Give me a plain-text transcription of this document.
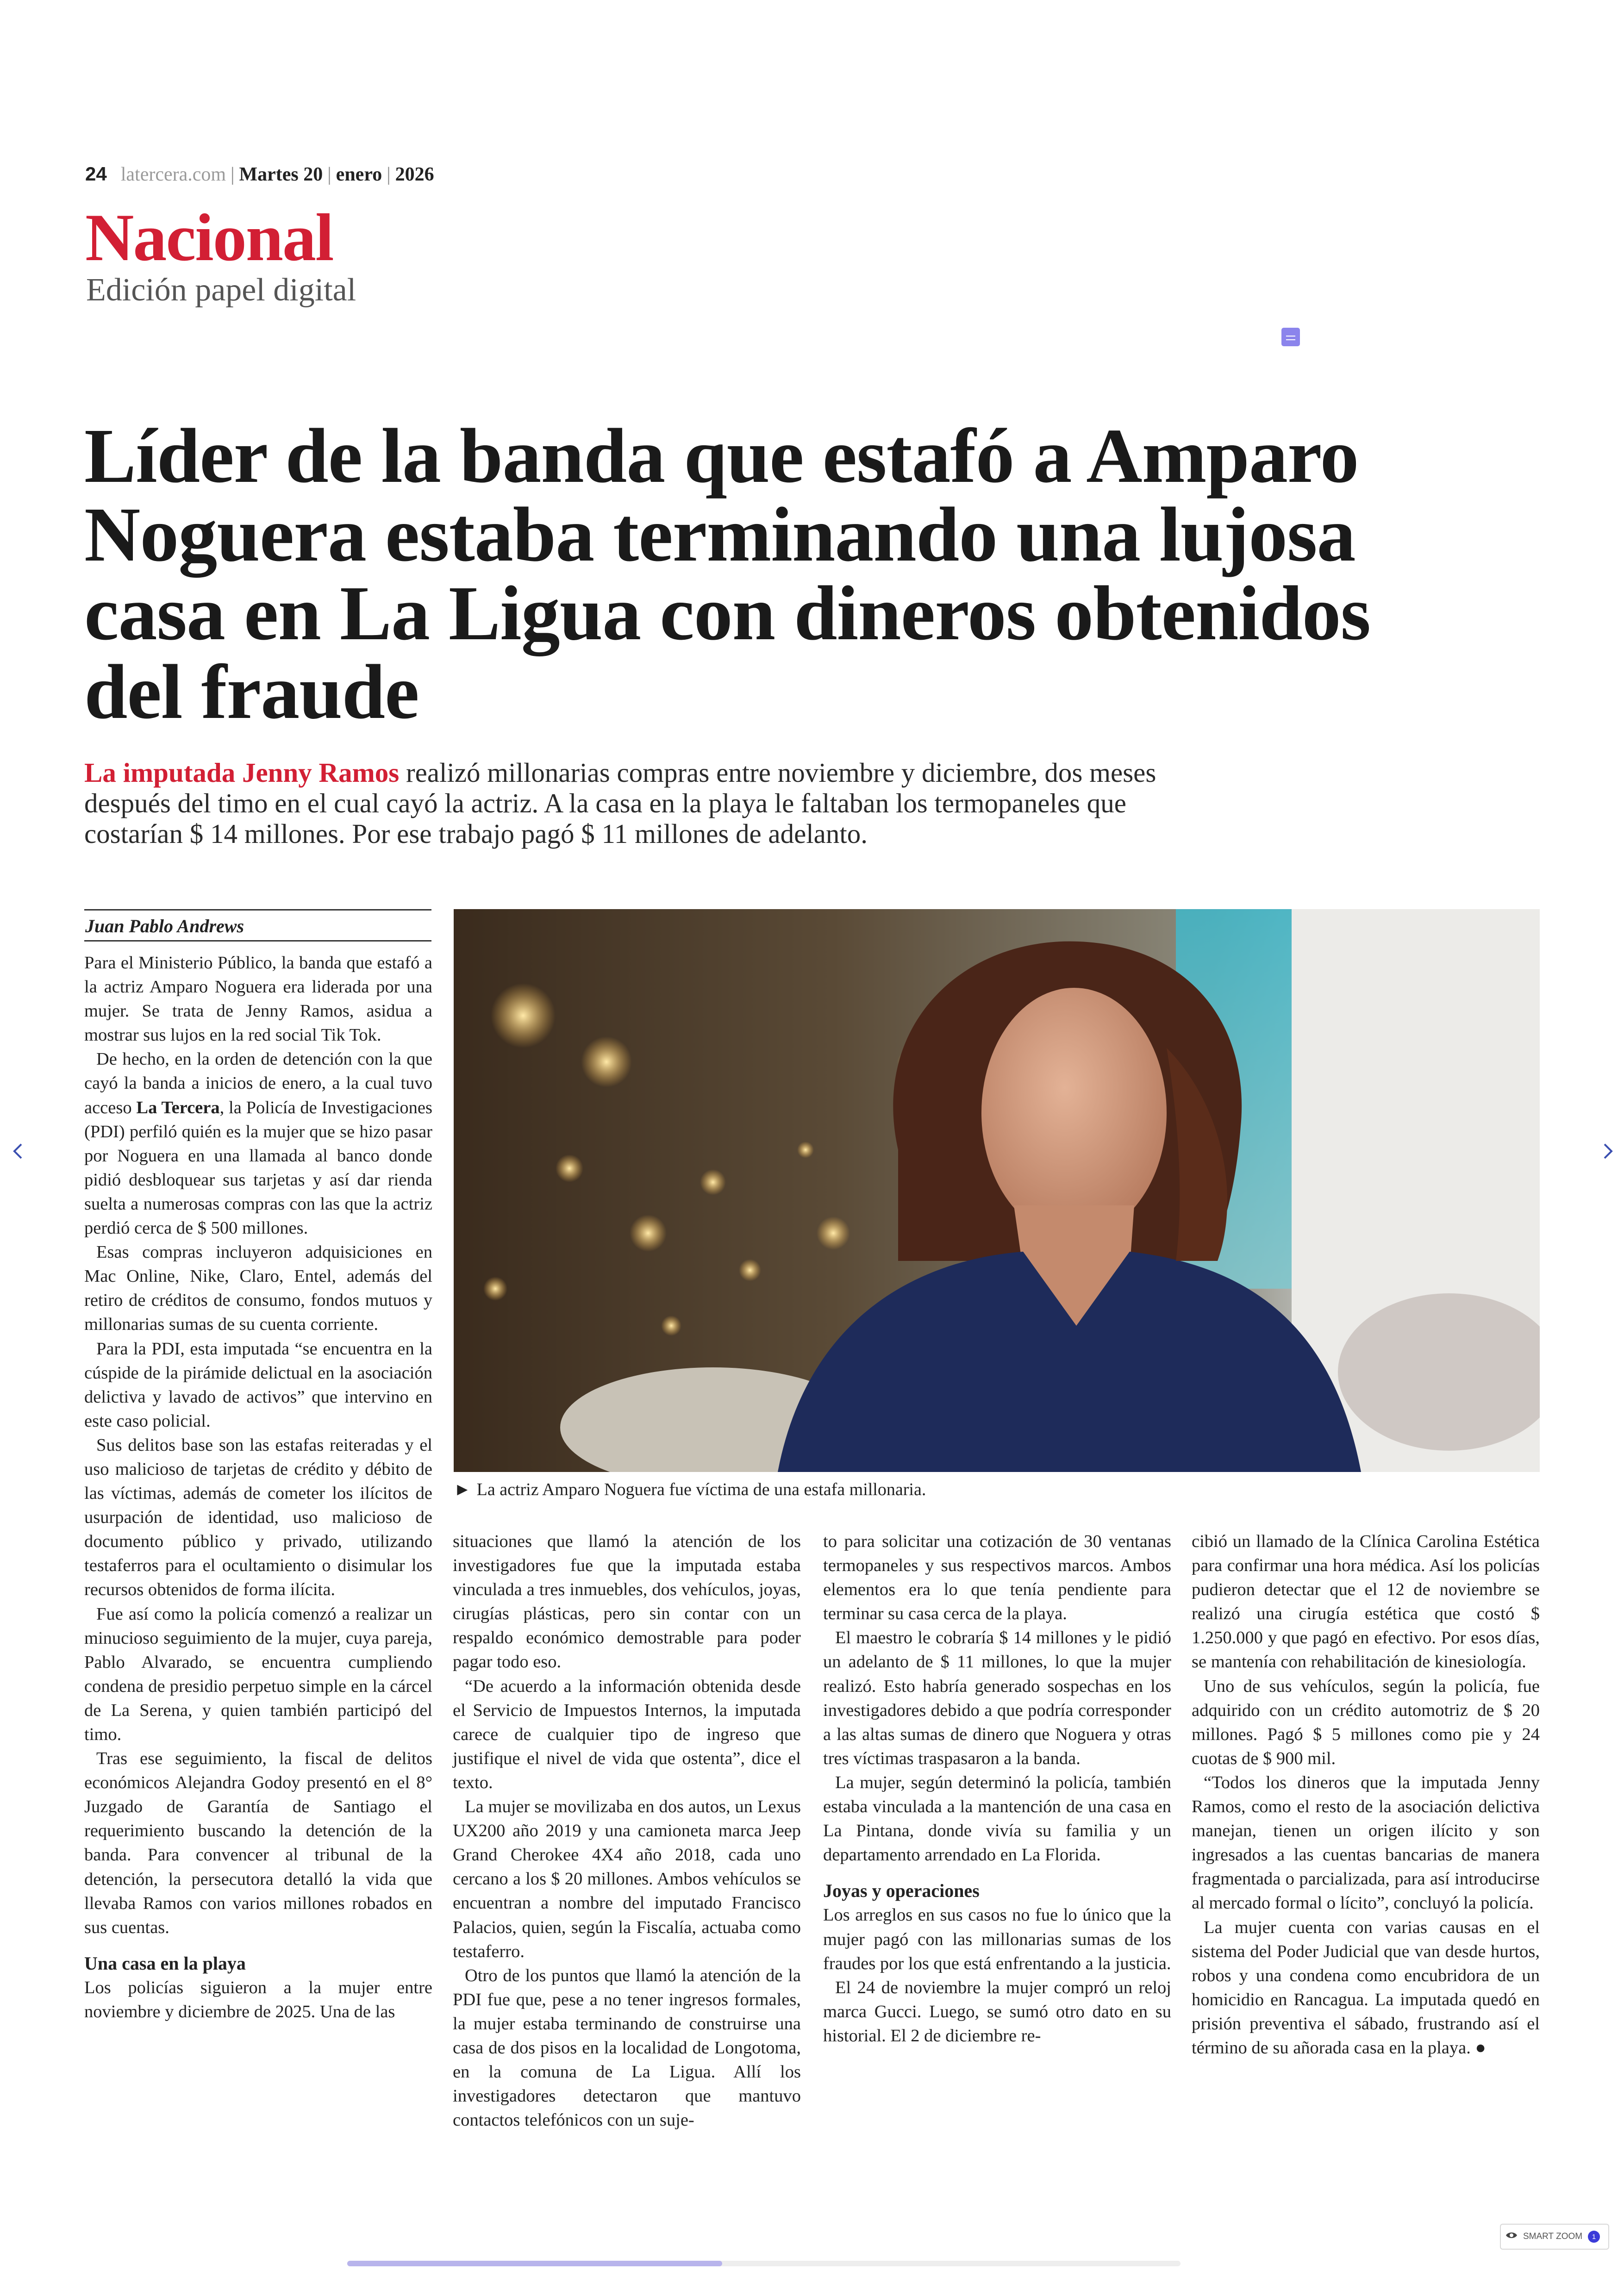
24 latercera.com | Martes 20 | enero | 2026
Nacional
Edición papel digital
Líder de la banda que estafó a Amparo Noguera estaba terminando una lujosa casa en La Ligua con dineros obtenidos del fraude
La imputada Jenny Ramos realizó millonarias compras entre noviembre y diciembre, dos meses después del timo en el cual cayó la actriz. A la casa en la playa le faltaban los termopaneles que costarían $ 14 millones. Por ese trabajo pagó $ 11 millones de adelanto.
Juan Pablo Andrews

Para el Ministerio Público, la banda que estafó a la actriz Amparo Noguera era liderada por una mujer. Se trata de Jenny Ramos, asidua a mostrar sus lujos en la red social Tik Tok.

De hecho, en la orden de detención con la que cayó la banda a inicios de enero, a la cual tuvo acceso La Tercera, la Policía de Investigaciones (PDI) perfiló quién es la mujer que se hizo pasar por Noguera en una llamada al banco donde pidió desbloquear sus tarjetas y así dar rienda suelta a numerosas compras con las que la actriz perdió cerca de $ 500 millones.

Esas compras incluyeron adquisiciones en Mac Online, Nike, Claro, Entel, además del retiro de créditos de consumo, fondos mutuos y millonarias sumas de su cuenta corriente.

Para la PDI, esta imputada “se encuentra en la cúspide de la pirámide delictual en la asociación delictiva y lavado de activos” que intervino en este caso policial.

Sus delitos base son las estafas reiteradas y el uso malicioso de tarjetas de crédito y débito de las víctimas, además de cometer los ilícitos de usurpación de identidad, uso malicioso de documento público y privado, utilizando testaferros para el ocultamiento o disimular los recursos obtenidos de forma ilícita.

Fue así como la policía comenzó a realizar un minucioso seguimiento de la mujer, cuya pareja, Pablo Alvarado, se encuentra cumpliendo condena de presidio perpetuo simple en la cárcel de La Serena, y quien también participó del timo.

Tras ese seguimiento, la fiscal de delitos económicos Alejandra Godoy presentó en el 8° Juzgado de Garantía de Santiago el requerimiento buscando la detención de la banda. Para convencer al tribunal de la detención, la persecutora detalló la vida que llevaba Ramos con varios millones robados en sus cuentas.

Una casa en la playa

Los policías siguieron a la mujer entre noviembre y diciembre de 2025. Una de las

► La actriz Amparo Noguera fue víctima de una estafa millonaria.

situaciones que llamó la atención de los investigadores fue que la imputada estaba vinculada a tres inmuebles, dos vehículos, joyas, cirugías plásticas, pero sin contar con un respaldo económico demostrable para poder pagar todo eso.

“De acuerdo a la información obtenida desde el Servicio de Impuestos Internos, la imputada carece de cualquier tipo de ingreso que justifique el nivel de vida que ostenta”, dice el texto.

La mujer se movilizaba en dos autos, un Lexus UX200 año 2019 y una camioneta marca Jeep Grand Cherokee 4X4 año 2018, cada uno cercano a los $ 20 millones. Ambos vehículos se encuentran a nombre del imputado Francisco Palacios, quien, según la Fiscalía, actuaba como testaferro.

Otro de los puntos que llamó la atención de la PDI fue que, pese a no tener ingresos formales, la mujer estaba terminando de construirse una casa de dos pisos en la localidad de Longotoma, en la comuna de La Ligua. Allí los investigadores detectaron que mantuvo contactos telefónicos con un suje-

to para solicitar una cotización de 30 ventanas termopaneles y sus respectivos marcos. Ambos elementos era lo que tenía pendiente para terminar su casa cerca de la playa.

El maestro le cobraría $ 14 millones y le pidió un adelanto de $ 11 millones, lo que la mujer realizó. Esto habría generado sospechas en los investigadores debido a que podría corresponder a las altas sumas de dinero que Noguera y otras tres víctimas traspasaron a la banda.

La mujer, según determinó la policía, también estaba vinculada a la mantención de una casa en La Pintana, donde vivía su familia y un departamento arrendado en La Florida.

Joyas y operaciones

Los arreglos en sus casos no fue lo único que la mujer pagó con las millonarias sumas de los fraudes por los que está enfrentando a la justicia.

El 24 de noviembre la mujer compró un reloj marca Gucci. Luego, se sumó otro dato en su historial. El 2 de diciembre re-

cibió un llamado de la Clínica Carolina Estética para confirmar una hora médica. Así los policías pudieron detectar que el 12 de noviembre se realizó una cirugía estética que costó $ 1.250.000 y que pagó en efectivo. Por esos días, se mantenía con rehabilitación de kinesiología.

Uno de sus vehículos, según la policía, fue adquirido con un crédito automotriz de $ 20 millones. Pagó $ 5 millones como pie y 24 cuotas de $ 900 mil.

“Todos los dineros que la imputada Jenny Ramos, como el resto de la asociación delictiva manejan, tienen un origen ilícito y son ingresados a las cuentas bancarias de manera fragmentada o parcializada, para así introducirse al mercado formal o lícito”, concluyó la policía.

La mujer cuenta con varias causas en el sistema del Poder Judicial que van desde hurtos, robos y una condena como encubridora de un homicidio en Rancagua. La imputada quedó en prisión preventiva el sábado, frustrando así el término de su añorada casa en la playa. ●

SMART ZOOM	1
